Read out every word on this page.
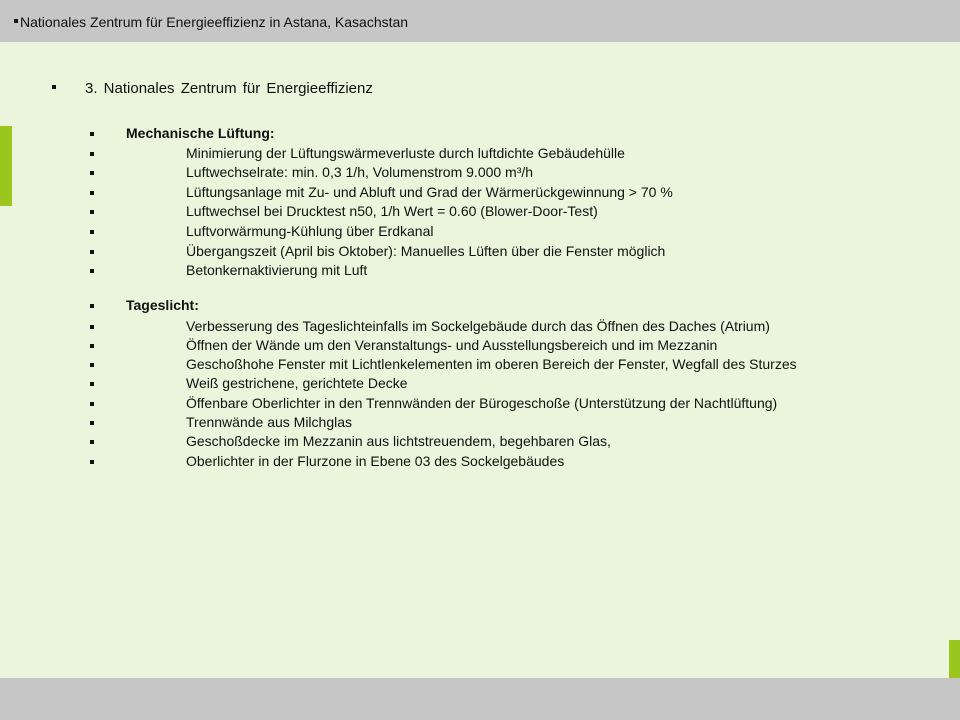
Nationales Zentrum für Energieeffizienz in Astana, Kasachstan
3. Nationales Zentrum für Energieeffizienz
Mechanische Lüftung:
Minimierung der Lüftungswärmeverluste durch luftdichte Gebäudehülle
Luftwechselrate: min. 0,3 1/h, Volumenstrom 9.000 m³/h
Lüftungsanlage mit Zu- und Abluft und Grad der Wärmerückgewinnung > 70 %
Luftwechsel bei Drucktest n50, 1/h Wert = 0.60 (Blower-Door-Test)
Luftvorwärmung-Kühlung über Erdkanal
Übergangszeit (April bis Oktober): Manuelles Lüften über die Fenster möglich
Betonkernaktivierung mit Luft
Tageslicht:
Verbesserung des Tageslichteinfalls im Sockelgebäude durch das Öffnen des Daches (Atrium)
Öffnen der Wände um den Veranstaltungs- und Ausstellungsbereich und im Mezzanin
Geschoßhohe Fenster mit Lichtlenkelementen im oberen Bereich der Fenster, Wegfall des Sturzes
Weiß gestrichene, gerichtete Decke
Öffenbare Oberlichter in den Trennwänden der Bürogeschoße (Unterstützung der Nachtlüftung)
Trennwände aus Milchglas
Geschoßdecke im Mezzanin aus lichtstreuendem, begehbaren Glas,
Oberlichter in der Flurzone in Ebene 03 des Sockelgebäudes
